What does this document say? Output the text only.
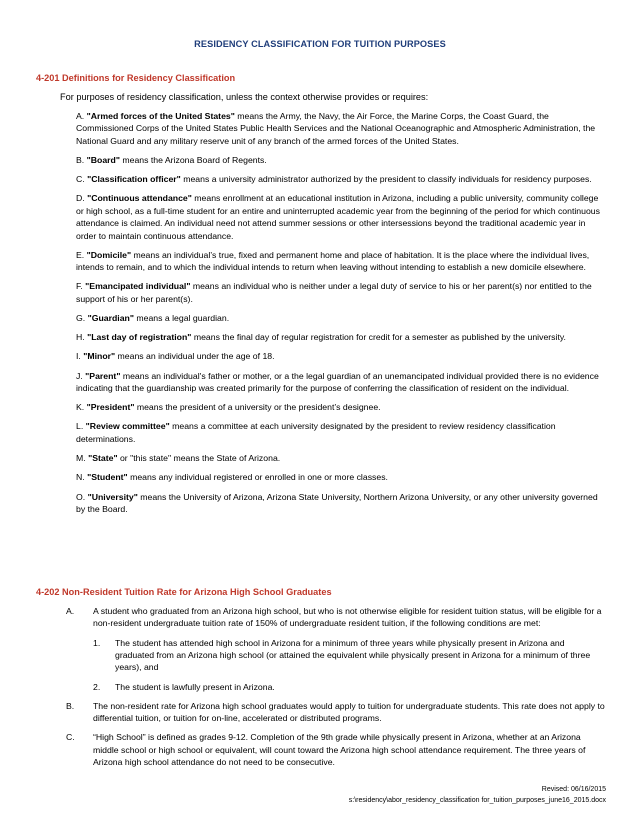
RESIDENCY CLASSIFICATION FOR TUITION PURPOSES
4-201 Definitions for Residency Classification
For purposes of residency classification, unless the context otherwise provides or requires:

A. "Armed forces of the United States" means the Army, the Navy, the Air Force, the Marine Corps, the Coast Guard, the Commissioned Corps of the United States Public Health Services and the National Oceanographic and Atmospheric Administration, the National Guard and any military reserve unit of any branch of the armed forces of the United States.

B. "Board" means the Arizona Board of Regents.

C. "Classification officer" means a university administrator authorized by the president to classify individuals for residency purposes.

D. "Continuous attendance" means enrollment at an educational institution in Arizona, including a public university, community college or high school, as a full-time student for an entire and uninterrupted academic year from the beginning of the period for which continuous attendance is claimed. An individual need not attend summer sessions or other intersessions beyond the traditional academic year in order to maintain continuous attendance.

E. "Domicile" means an individual’s true, fixed and permanent home and place of habitation. It is the place where the individual lives, intends to remain, and to which the individual intends to return when leaving without intending to establish a new domicile elsewhere.

F. "Emancipated individual" means an individual who is neither under a legal duty of service to his or her parent(s) nor entitled to the support of his or her parent(s).

G. "Guardian" means a legal guardian.

H. "Last day of registration" means the final day of regular registration for credit for a semester as published by the university.

I. "Minor" means an individual under the age of 18.

J. "Parent" means an individual's father or mother, or a the legal guardian of an unemancipated individual provided there is no evidence indicating that the guardianship was created primarily for the purpose of conferring the classification of resident on the individual.

K. "President" means the president of a university or the president’s designee.

L. "Review committee" means a committee at each university designated by the president to review residency classification determinations.

M. "State" or "this state" means the State of Arizona.

N. "Student" means any individual registered or enrolled in one or more classes.

O. "University" means the University of Arizona, Arizona State University, Northern Arizona University, or any other university governed by the Board.

4-202 Non-Resident Tuition Rate for Arizona High School Graduates
A. A student who graduated from an Arizona high school, but who is not otherwise eligible for resident tuition status, will be eligible for a non-resident undergraduate tuition rate of 150% of undergraduate resident tuition, if the following conditions are met:
1. The student has attended high school in Arizona for a minimum of three years while physically present in Arizona and graduated from an Arizona high school (or attained the equivalent while physically present in Arizona for a minimum of three years), and
2. The student is lawfully present in Arizona.
B. The non-resident rate for Arizona high school graduates would apply to tuition for undergraduate students. This rate does not apply to differential tuition, or tuition for on-line, accelerated or distributed programs.
C. “High School” is defined as grades 9-12. Completion of the 9th grade while physically present in Arizona, whether at an Arizona middle school or high school or equivalent, will count toward the Arizona high school attendance requirement. The three years of Arizona high school attendance do not need to be consecutive.
Revised: 06/16/2015
s:\residency\abor_residency_classification for_tuition_purposes_june16_2015.docx
